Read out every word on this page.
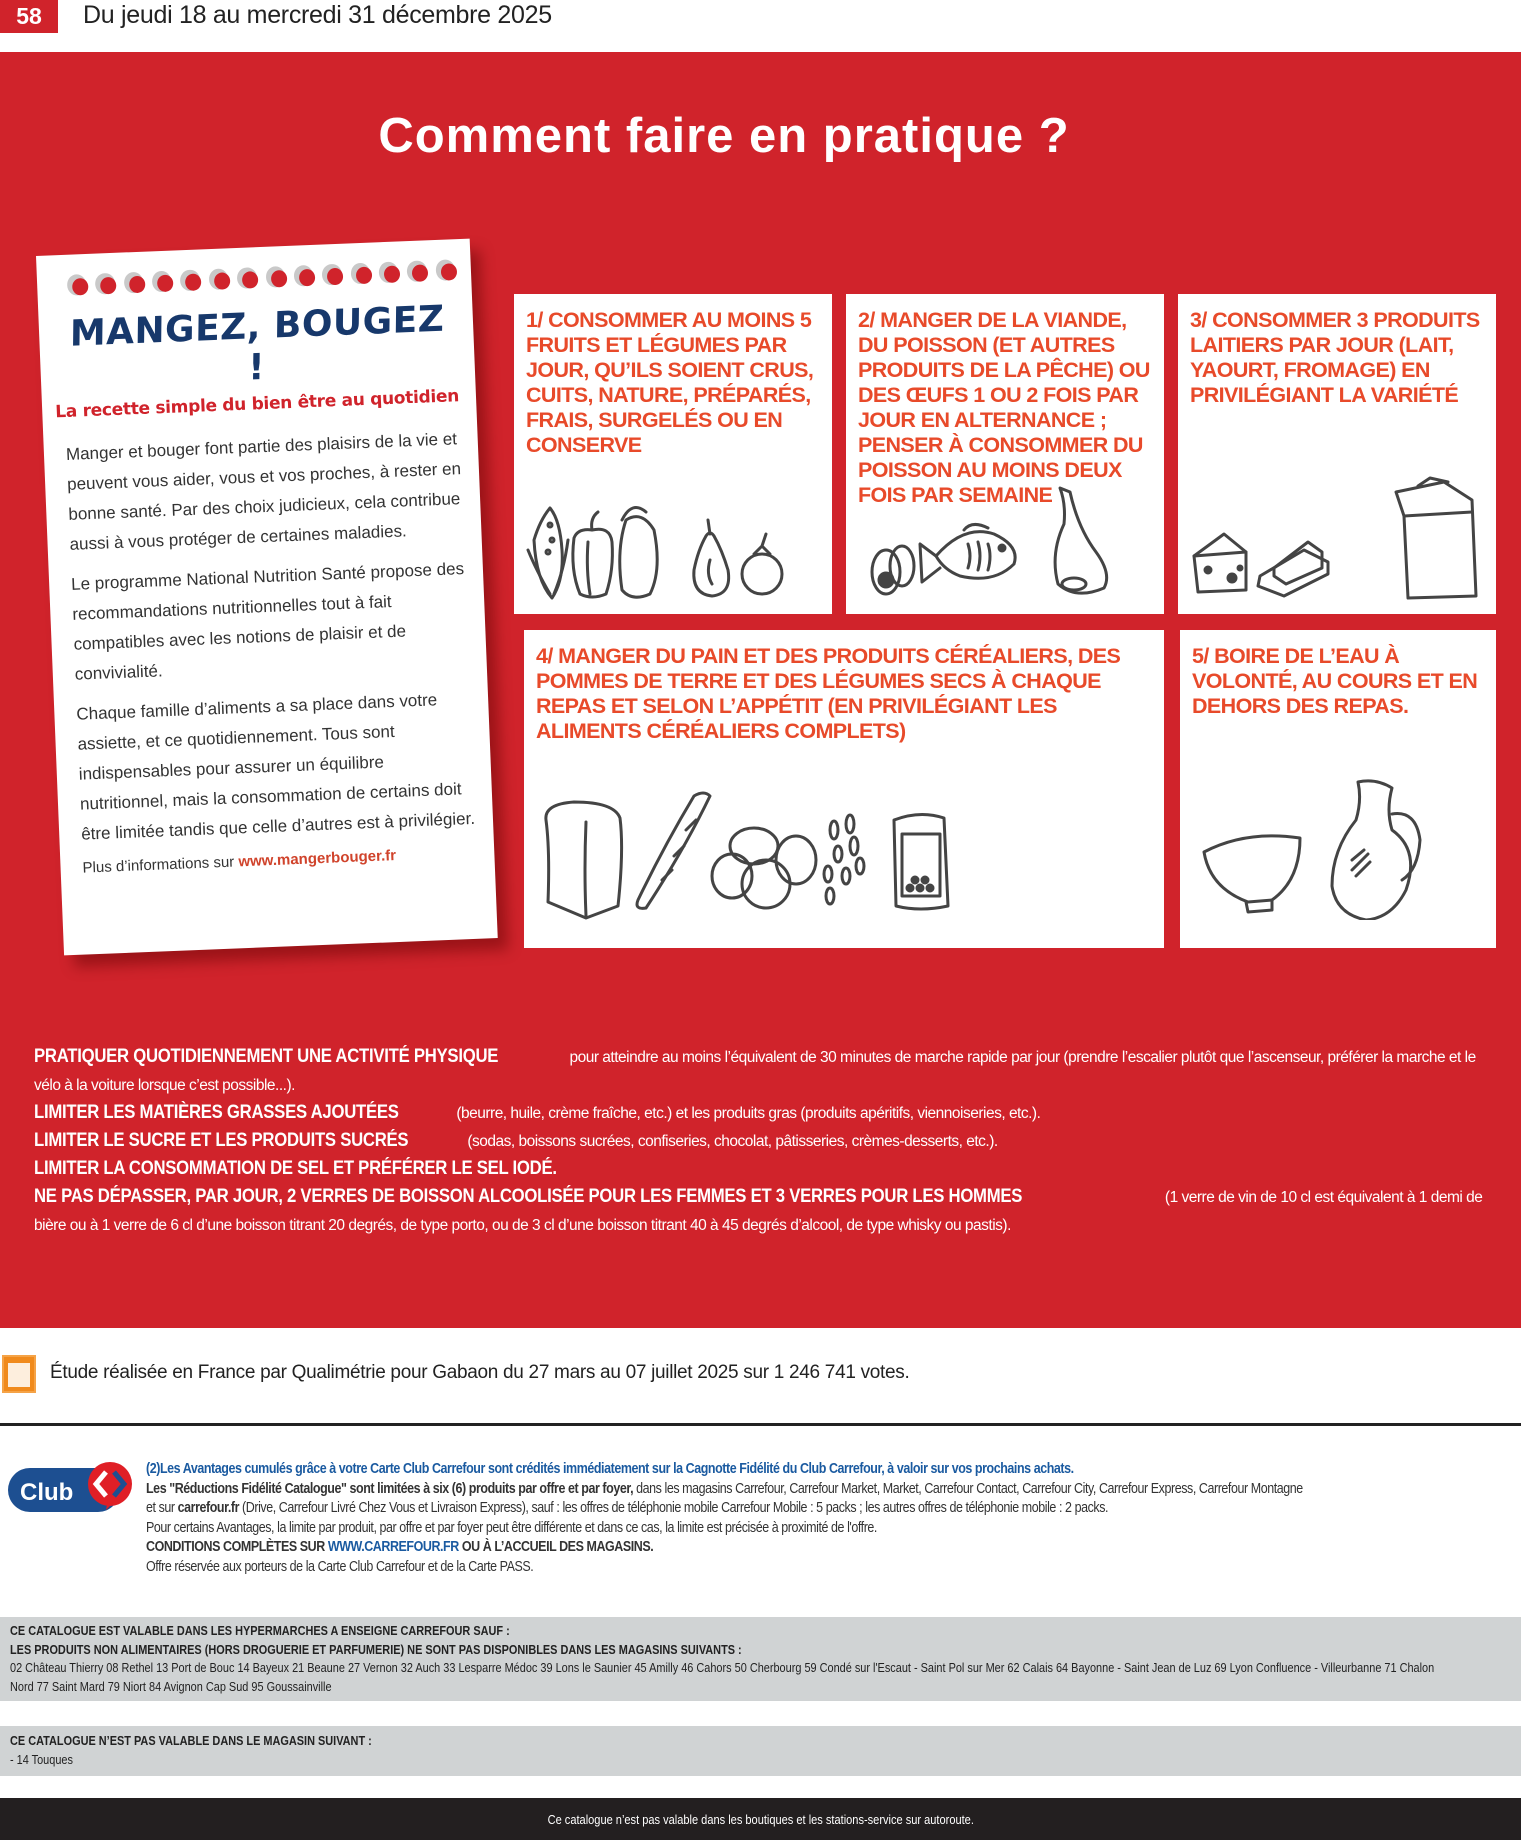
58	Du jeudi 18 au mercredi 31 décembre 2025
Comment faire en pratique ?
MANGEZ, BOUGEZ !
La recette simple du bien être au quotidien

Manger et bouger font partie des plaisirs de la vie et peuvent vous aider, vous et vos proches, à rester en bonne santé. Par des choix judicieux, cela contribue aussi à vous protéger de certaines maladies.

Le programme National Nutrition Santé propose des recommandations nutritionnelles tout à fait compatibles avec les notions de plaisir et de convivialité.

Chaque famille d’aliments a sa place dans votre assiette, et ce quotidiennement. Tous sont indispensables pour assurer un équilibre nutritionnel, mais la consommation de certains doit être limitée tandis que celle d’autres est à privilégier.

Plus d’informations sur www.mangerbouger.fr
1/ CONSOMMER AU MOINS 5 FRUITS ET LÉGUMES PAR JOUR, QU’ILS SOIENT CRUS, CUITS, NATURE, PRÉPARÉS, FRAIS, SURGELÉS OU EN CONSERVE
2/ MANGER DE LA VIANDE, DU POISSON (ET AUTRES PRODUITS DE LA PÊCHE) OU DES ŒUFS 1 OU 2 FOIS PAR JOUR EN ALTERNANCE ; PENSER À CONSOMMER DU POISSON AU MOINS DEUX FOIS PAR SEMAINE
3/ CONSOMMER 3 PRODUITS LAITIERS PAR JOUR (LAIT, YAOURT, FROMAGE) EN PRIVILÉGIANT LA VARIÉTÉ
4/ MANGER DU PAIN ET DES PRODUITS CÉRÉALIERS, DES POMMES DE TERRE ET DES LÉGUMES SECS À CHAQUE REPAS ET SELON L’APPÉTIT (EN PRIVILÉGIANT LES ALIMENTS CÉRÉALIERS COMPLETS)
5/ BOIRE DE L’EAU À VOLONTÉ, AU COURS ET EN DEHORS DES REPAS.
PRATIQUER QUOTIDIENNEMENT UNE ACTIVITÉ PHYSIQUE	pour atteindre au moins l’équivalent de 30 minutes de marche rapide par jour (prendre l’escalier plutôt que l’ascenseur, préférer la marche et le vélo à la voiture lorsque c’est possible...).
LIMITER LES MATIÈRES GRASSES AJOUTÉES	(beurre, huile, crème fraîche, etc.) et les produits gras (produits apéritifs, viennoiseries, etc.).
LIMITER LE SUCRE ET LES PRODUITS SUCRÉS	(sodas, boissons sucrées, confiseries, chocolat, pâtisseries, crèmes-desserts, etc.).
LIMITER LA CONSOMMATION DE SEL ET PRÉFÉRER LE SEL IODÉ.
NE PAS DÉPASSER, PAR JOUR, 2 VERRES DE BOISSON ALCOOLISÉE POUR LES FEMMES ET 3 VERRES POUR LES HOMMES	(1 verre de vin de 10 cl est équivalent à 1 demi de bière ou à 1 verre de 6 cl d’une boisson titrant 20 degrés, de type porto, ou de 3 cl d’une boisson titrant 40 à 45 degrés d’alcool, de type whisky ou pastis).
Étude réalisée en France par Qualimétrie pour Gabaon du 27 mars au 07 juillet 2025 sur 1 246 741 votes.
Club
(2)Les Avantages cumulés grâce à votre Carte Club Carrefour sont crédités immédiatement sur la Cagnotte Fidélité du Club Carrefour, à valoir sur vos prochains achats.
Les "Réductions Fidélité Catalogue" sont limitées à six (6) produits par offre et par foyer, dans les magasins Carrefour, Carrefour Market, Market, Carrefour Contact, Carrefour City, Carrefour Express, Carrefour Montagne
et sur carrefour.fr (Drive, Carrefour Livré Chez Vous et Livraison Express), sauf : les offres de téléphonie mobile Carrefour Mobile : 5 packs ; les autres offres de téléphonie mobile : 2 packs.
Pour certains Avantages, la limite par produit, par offre et par foyer peut être différente et dans ce cas, la limite est précisée à proximité de l'offre.
CONDITIONS COMPLÈTES SUR WWW.CARREFOUR.FR OU À L’ACCUEIL DES MAGASINS.
Offre réservée aux porteurs de la Carte Club Carrefour et de la Carte PASS.
CE CATALOGUE EST VALABLE DANS LES HYPERMARCHES A ENSEIGNE CARREFOUR SAUF :
LES PRODUITS NON ALIMENTAIRES (HORS DROGUERIE ET PARFUMERIE) NE SONT PAS DISPONIBLES DANS LES MAGASINS SUIVANTS :
02 Château Thierry 08 Rethel 13 Port de Bouc 14 Bayeux 21 Beaune 27 Vernon 32 Auch 33 Lesparre Médoc 39 Lons le Saunier 45 Amilly 46 Cahors 50 Cherbourg 59 Condé sur l'Escaut - Saint Pol sur Mer 62 Calais 64 Bayonne - Saint Jean de Luz 69 Lyon Confluence - Villeurbanne 71 Chalon
Nord 77 Saint Mard 79 Niort 84 Avignon Cap Sud 95 Goussainville
CE CATALOGUE N’EST PAS VALABLE DANS LE MAGASIN SUIVANT :
- 14 Touques
Ce catalogue n’est pas valable dans les boutiques et les stations-service sur autoroute.
